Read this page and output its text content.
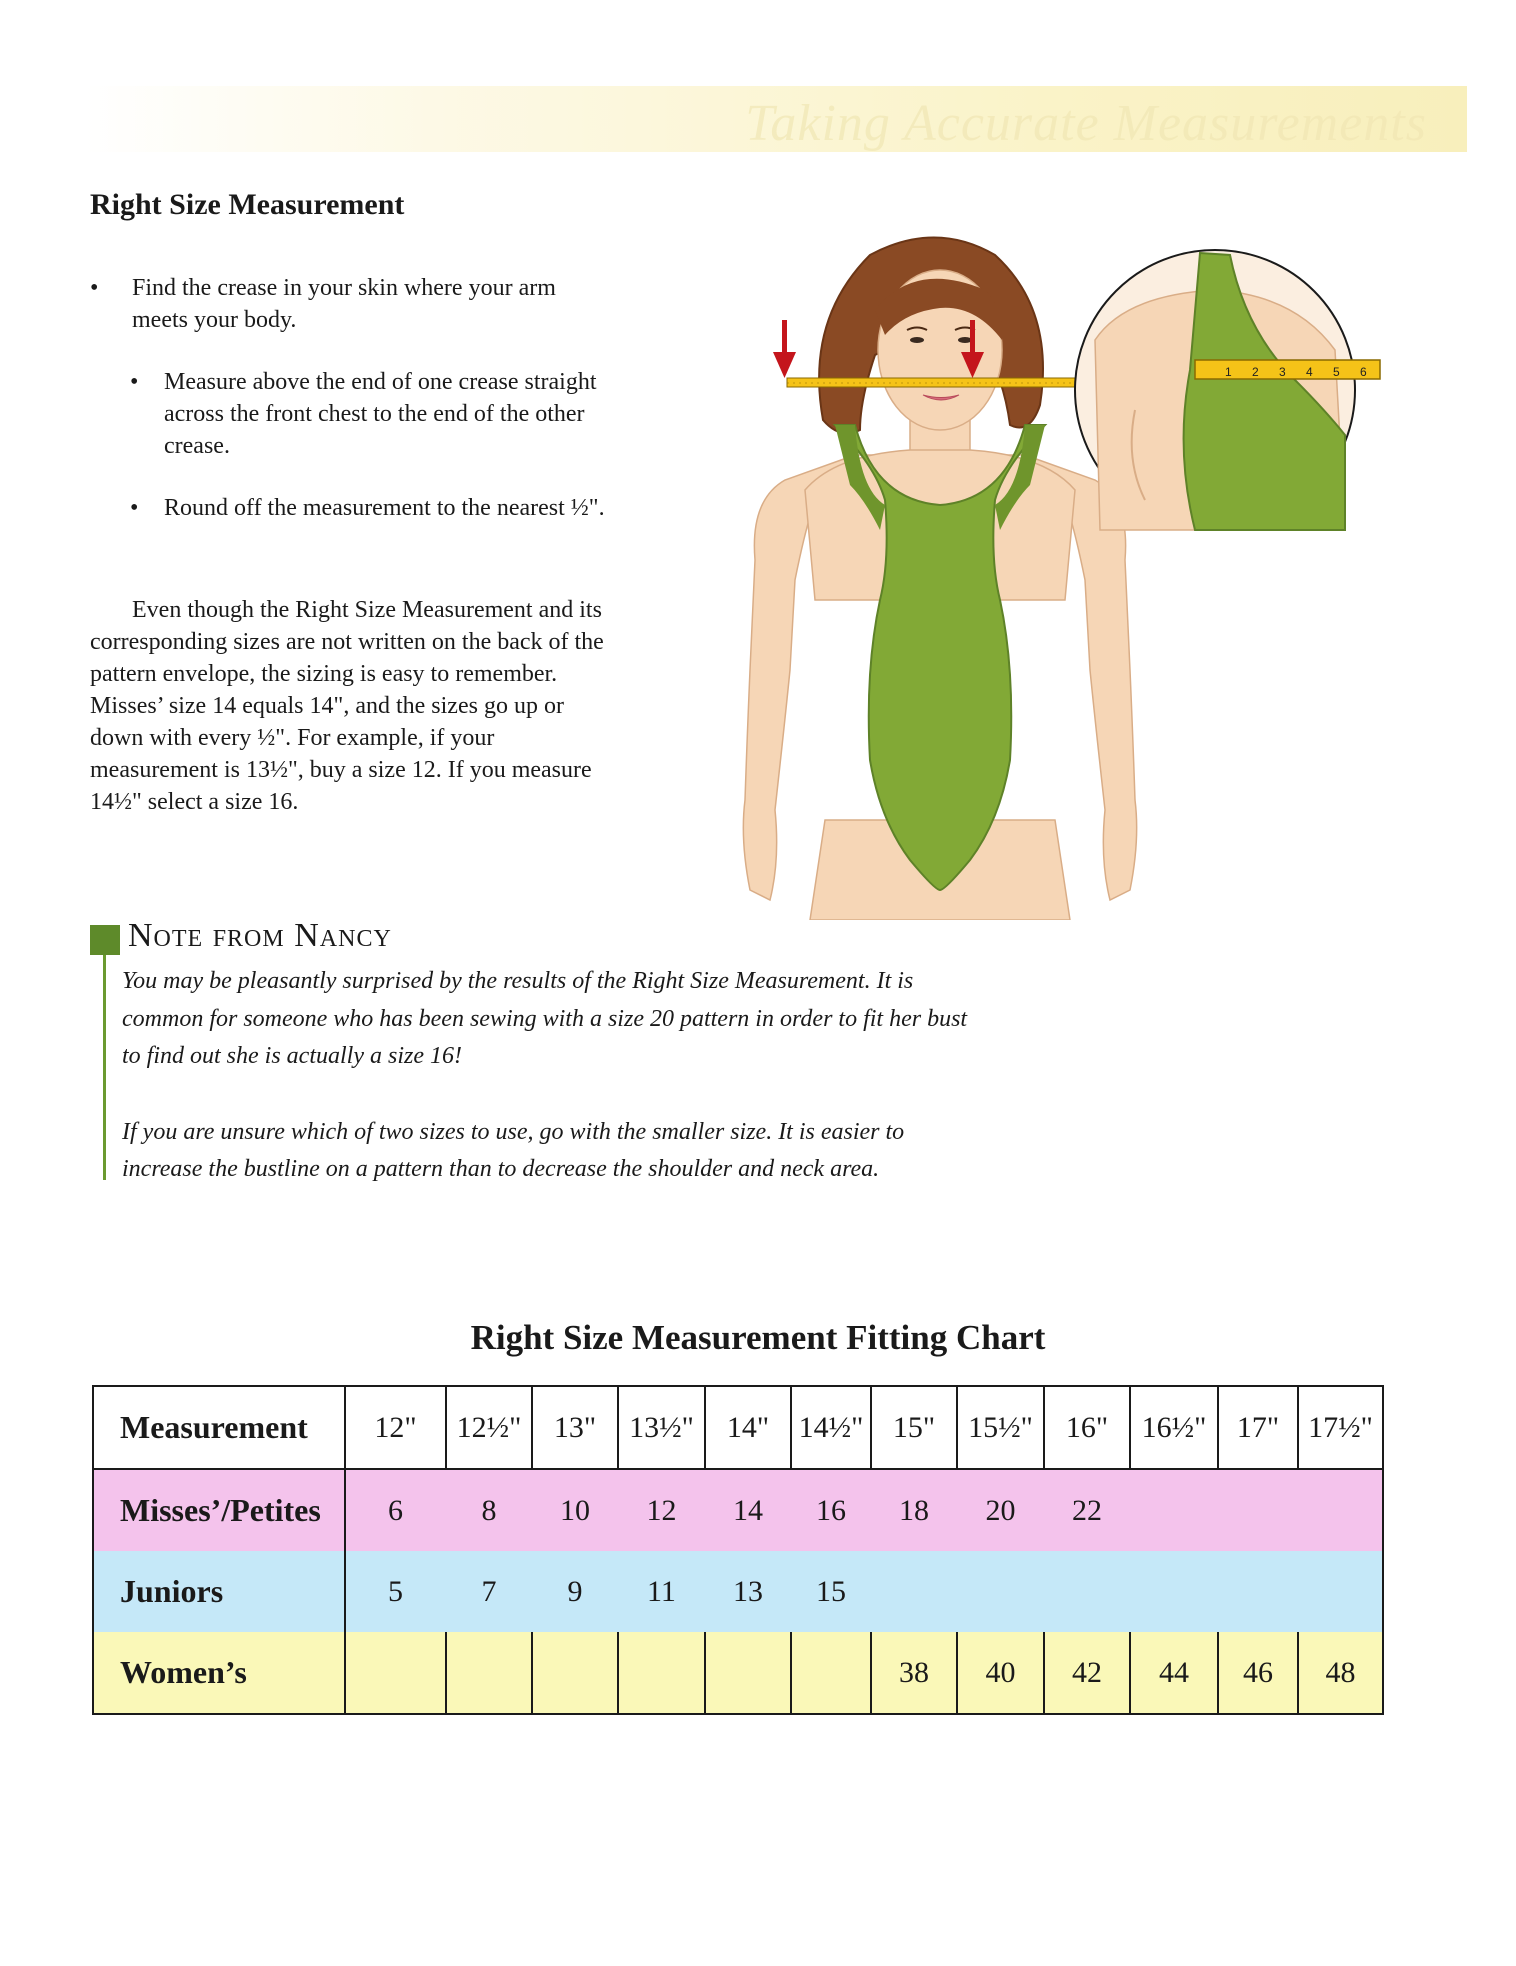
Taking Accurate Measurements
Right Size Measurement
• Find the crease in your skin where your arm meets your body.
• Measure above the end of one crease straight across the front chest to the end of the other crease.
• Round off the measurement to the nearest ½".
Even though the Right Size Measurement and its corresponding sizes are not written on the back of the pattern envelope, the sizing is easy to remember. Misses’ size 14 equals 14", and the sizes go up or down with every ½". For example, if your measurement is 13½", buy a size 12. If you measure 14½" select a size 16.
1 2 3 4 5 6
Note from Nancy

You may be pleasantly surprised by the results of the Right Size Measurement. It is common for someone who has been sewing with a size 20 pattern in order to fit her bust to find out she is actually a size 16!

If you are unsure which of two sizes to use, go with the smaller size. It is easier to increase the bustline on a pattern than to decrease the shoulder and neck area.

Right Size Measurement Fitting Chart
Measurement	12"	12½"	13"	13½"	14"	14½"	15"	15½"	16"	16½"	17"	17½"
Misses’/Petites	6	8	10	12	14	16	18	20	22			
Juniors	5	7	9	11	13	15						
Women’s							38	40	42	44	46	48
